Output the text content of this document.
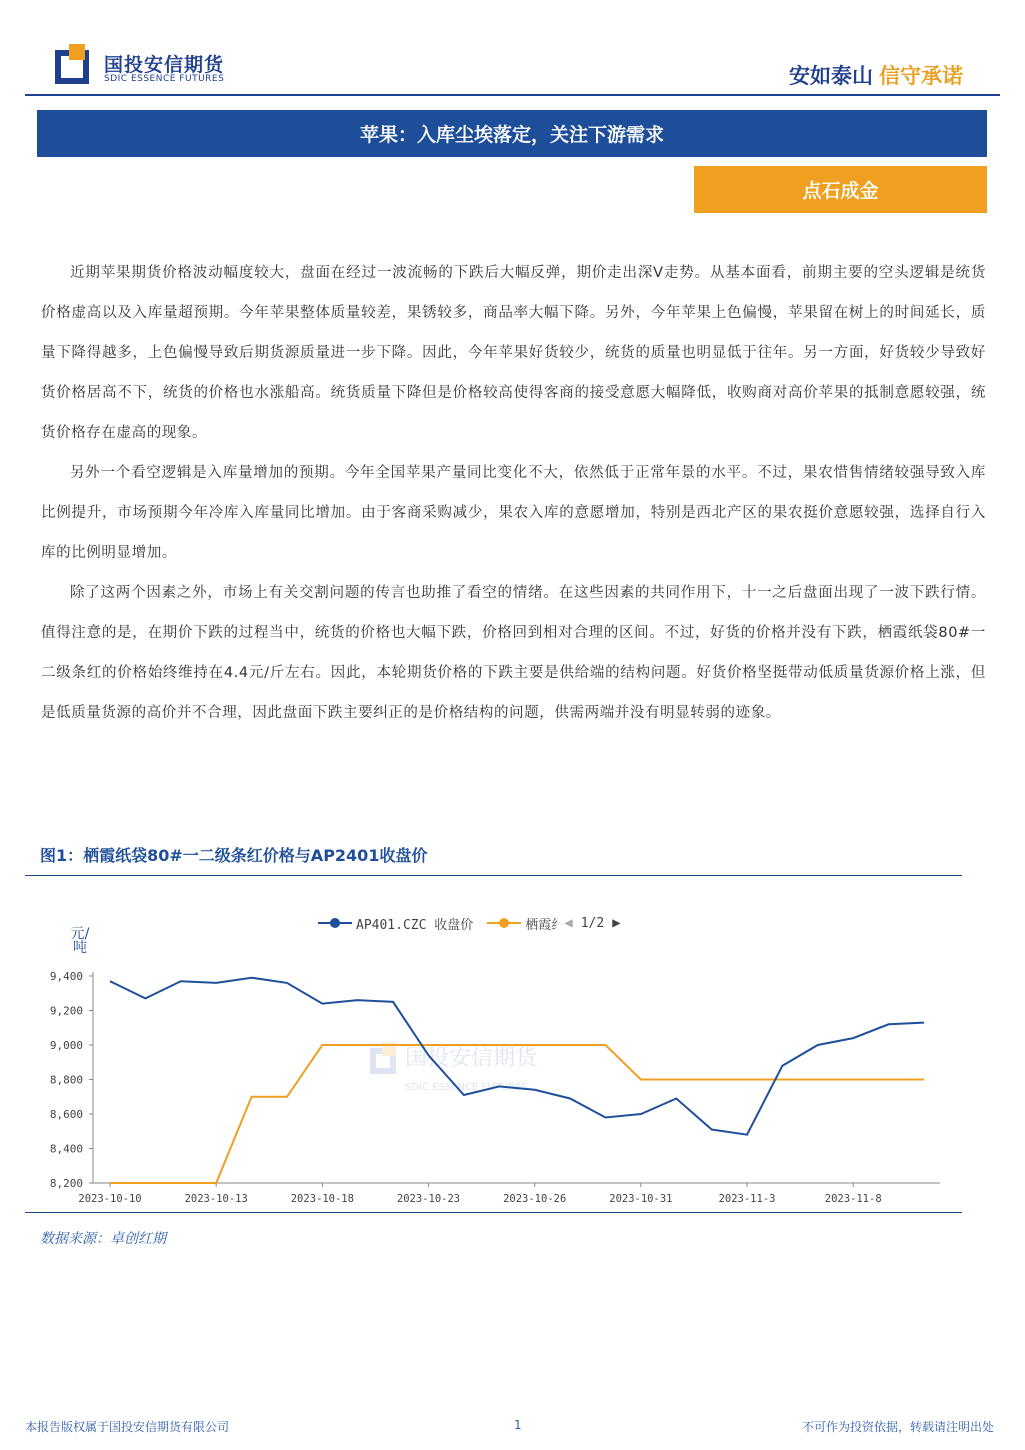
国投安信期货
SDIC ESSENCE FUTURES	安如泰山 信守承诺
苹果：入库尘埃落定，关注下游需求
点石成金

近期苹果期货价格波动幅度较大，盘面在经过一波流畅的下跌后大幅反弹，期价走出深V走势。从基本面看，前期主要的空头逻辑是统货价格虚高以及入库量超预期。今年苹果整体质量较差，果锈较多，商品率大幅下降。另外，今年苹果上色偏慢，苹果留在树上的时间延长，质量下降得越多，上色偏慢导致后期货源质量进一步下降。因此，今年苹果好货较少，统货的质量也明显低于往年。另一方面，好货较少导致好货价格居高不下，统货的价格也水涨船高。统货质量下降但是价格较高使得客商的接受意愿大幅降低，收购商对高价苹果的抵制意愿较强，统货价格存在虚高的现象。

另外一个看空逻辑是入库量增加的预期。今年全国苹果产量同比变化不大，依然低于正常年景的水平。不过，果农惜售情绪较强导致入库比例提升，市场预期今年冷库入库量同比增加。由于客商采购减少，果农入库的意愿增加，特别是西北产区的果农挺价意愿较强，选择自行入库的比例明显增加。

除了这两个因素之外，市场上有关交割问题的传言也助推了看空的情绪。在这些因素的共同作用下，十一之后盘面出现了一波下跌行情。值得注意的是，在期价下跌的过程当中，统货的价格也大幅下跌，价格回到相对合理的区间。不过，好货的价格并没有下跌，栖霞纸袋80#一二级条红的价格始终维持在4.4元/斤左右。因此，本轮期货价格的下跌主要是供给端的结构问题。好货价格坚挺带动低质量货源价格上涨，但是低质量货源的高价并不合理，因此盘面下跌主要纠正的是价格结构的问题，供需两端并没有明显转弱的迹象。

图1：栖霞纸袋80#一二级条红价格与AP2401收盘价
AP401.CZC 收盘价	栖霞纟 ◀ 1/2 ▶
元/吨
国投安信期货
SDIC ESSENCE FUTURES
8,200
8,400
8,600
8,800
9,000
9,200
9,400
2023-10-10	2023-10-13	2023-10-18	2023-10-23	2023-10-26	2023-10-31	2023-11-3	2023-11-8
数据来源：卓创红期
本报告版权属于国投安信期货有限公司	1	不可作为投资依据，转载请注明出处
